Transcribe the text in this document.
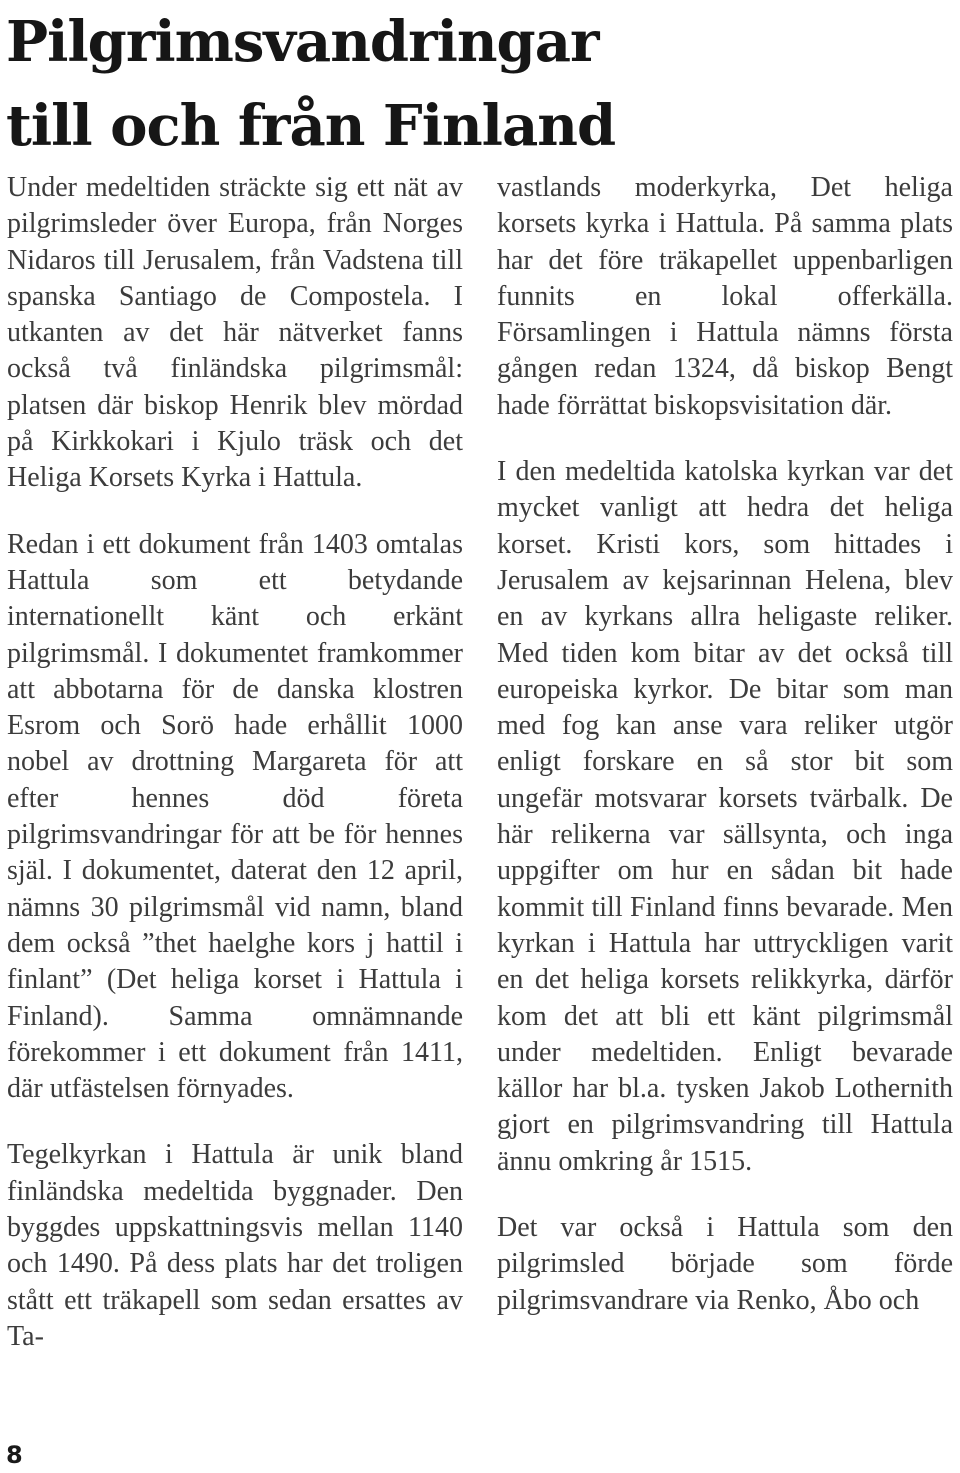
Pilgrimsvandringar
till och från Finland

Under medeltiden sträckte sig ett nät av pilgrimsleder över Europa, från Norges Nidaros till Jerusalem, från Vadstena till spanska Santiago de Compostela. I utkanten av det här nätverket fanns också två finländska pilgrimsmål: platsen där biskop Henrik blev mördad på Kirkkokari i Kjulo träsk och det Heliga Korsets Kyrka i Hattula.

Redan i ett dokument från 1403 omtalas Hattula som ett betydande internationellt känt och erkänt pilgrimsmål. I dokumentet framkommer att abbotarna för de danska klostren Esrom och Sorö hade erhållit 1000 nobel av drottning Margareta för att efter hennes död företa pilgrimsvandringar för att be för hennes själ. I dokumentet, daterat den 12 april, nämns 30 pilgrimsmål vid namn, bland dem också ”thet haelghe kors j hattil i finlant” (Det heliga korset i Hattula i Finland). Samma omnämnande förekommer i ett dokument från 1411, där utfästelsen förnyades.

Tegelkyrkan i Hattula är unik bland finländska medeltida byggnader. Den byggdes uppskattningsvis mellan 1140 och 1490. På dess plats har det troligen stått ett träkapell som sedan ersattes av Ta-

vastlands moderkyrka, Det heliga korsets kyrka i Hattula. På samma plats har det före träkapellet uppenbarligen funnits en lokal offerkälla. Församlingen i Hattula nämns första gången redan 1324, då biskop Bengt hade förrättat biskopsvisitation där.

I den medeltida katolska kyrkan var det mycket vanligt att hedra det heliga korset. Kristi kors, som hittades i Jerusalem av kejsarinnan Helena, blev en av kyrkans allra heligaste reliker. Med tiden kom bitar av det också till europeiska kyrkor. De bitar som man med fog kan anse vara reliker utgör enligt forskare en så stor bit som ungefär motsvarar korsets tvärbalk. De här relikerna var sällsynta, och inga uppgifter om hur en sådan bit hade kommit till Finland finns bevarade. Men kyrkan i Hattula har uttryckligen varit en det heliga korsets relikkyrka, därför kom det att bli ett känt pilgrimsmål under medeltiden. Enligt bevarade källor har bl.a. tysken Jakob Lothernith gjort en pilgrimsvandring till Hattula ännu omkring år 1515.

Det var också i Hattula som den pilgrimsled började som förde pilgrimsvandrare via Renko, Åbo och

8
